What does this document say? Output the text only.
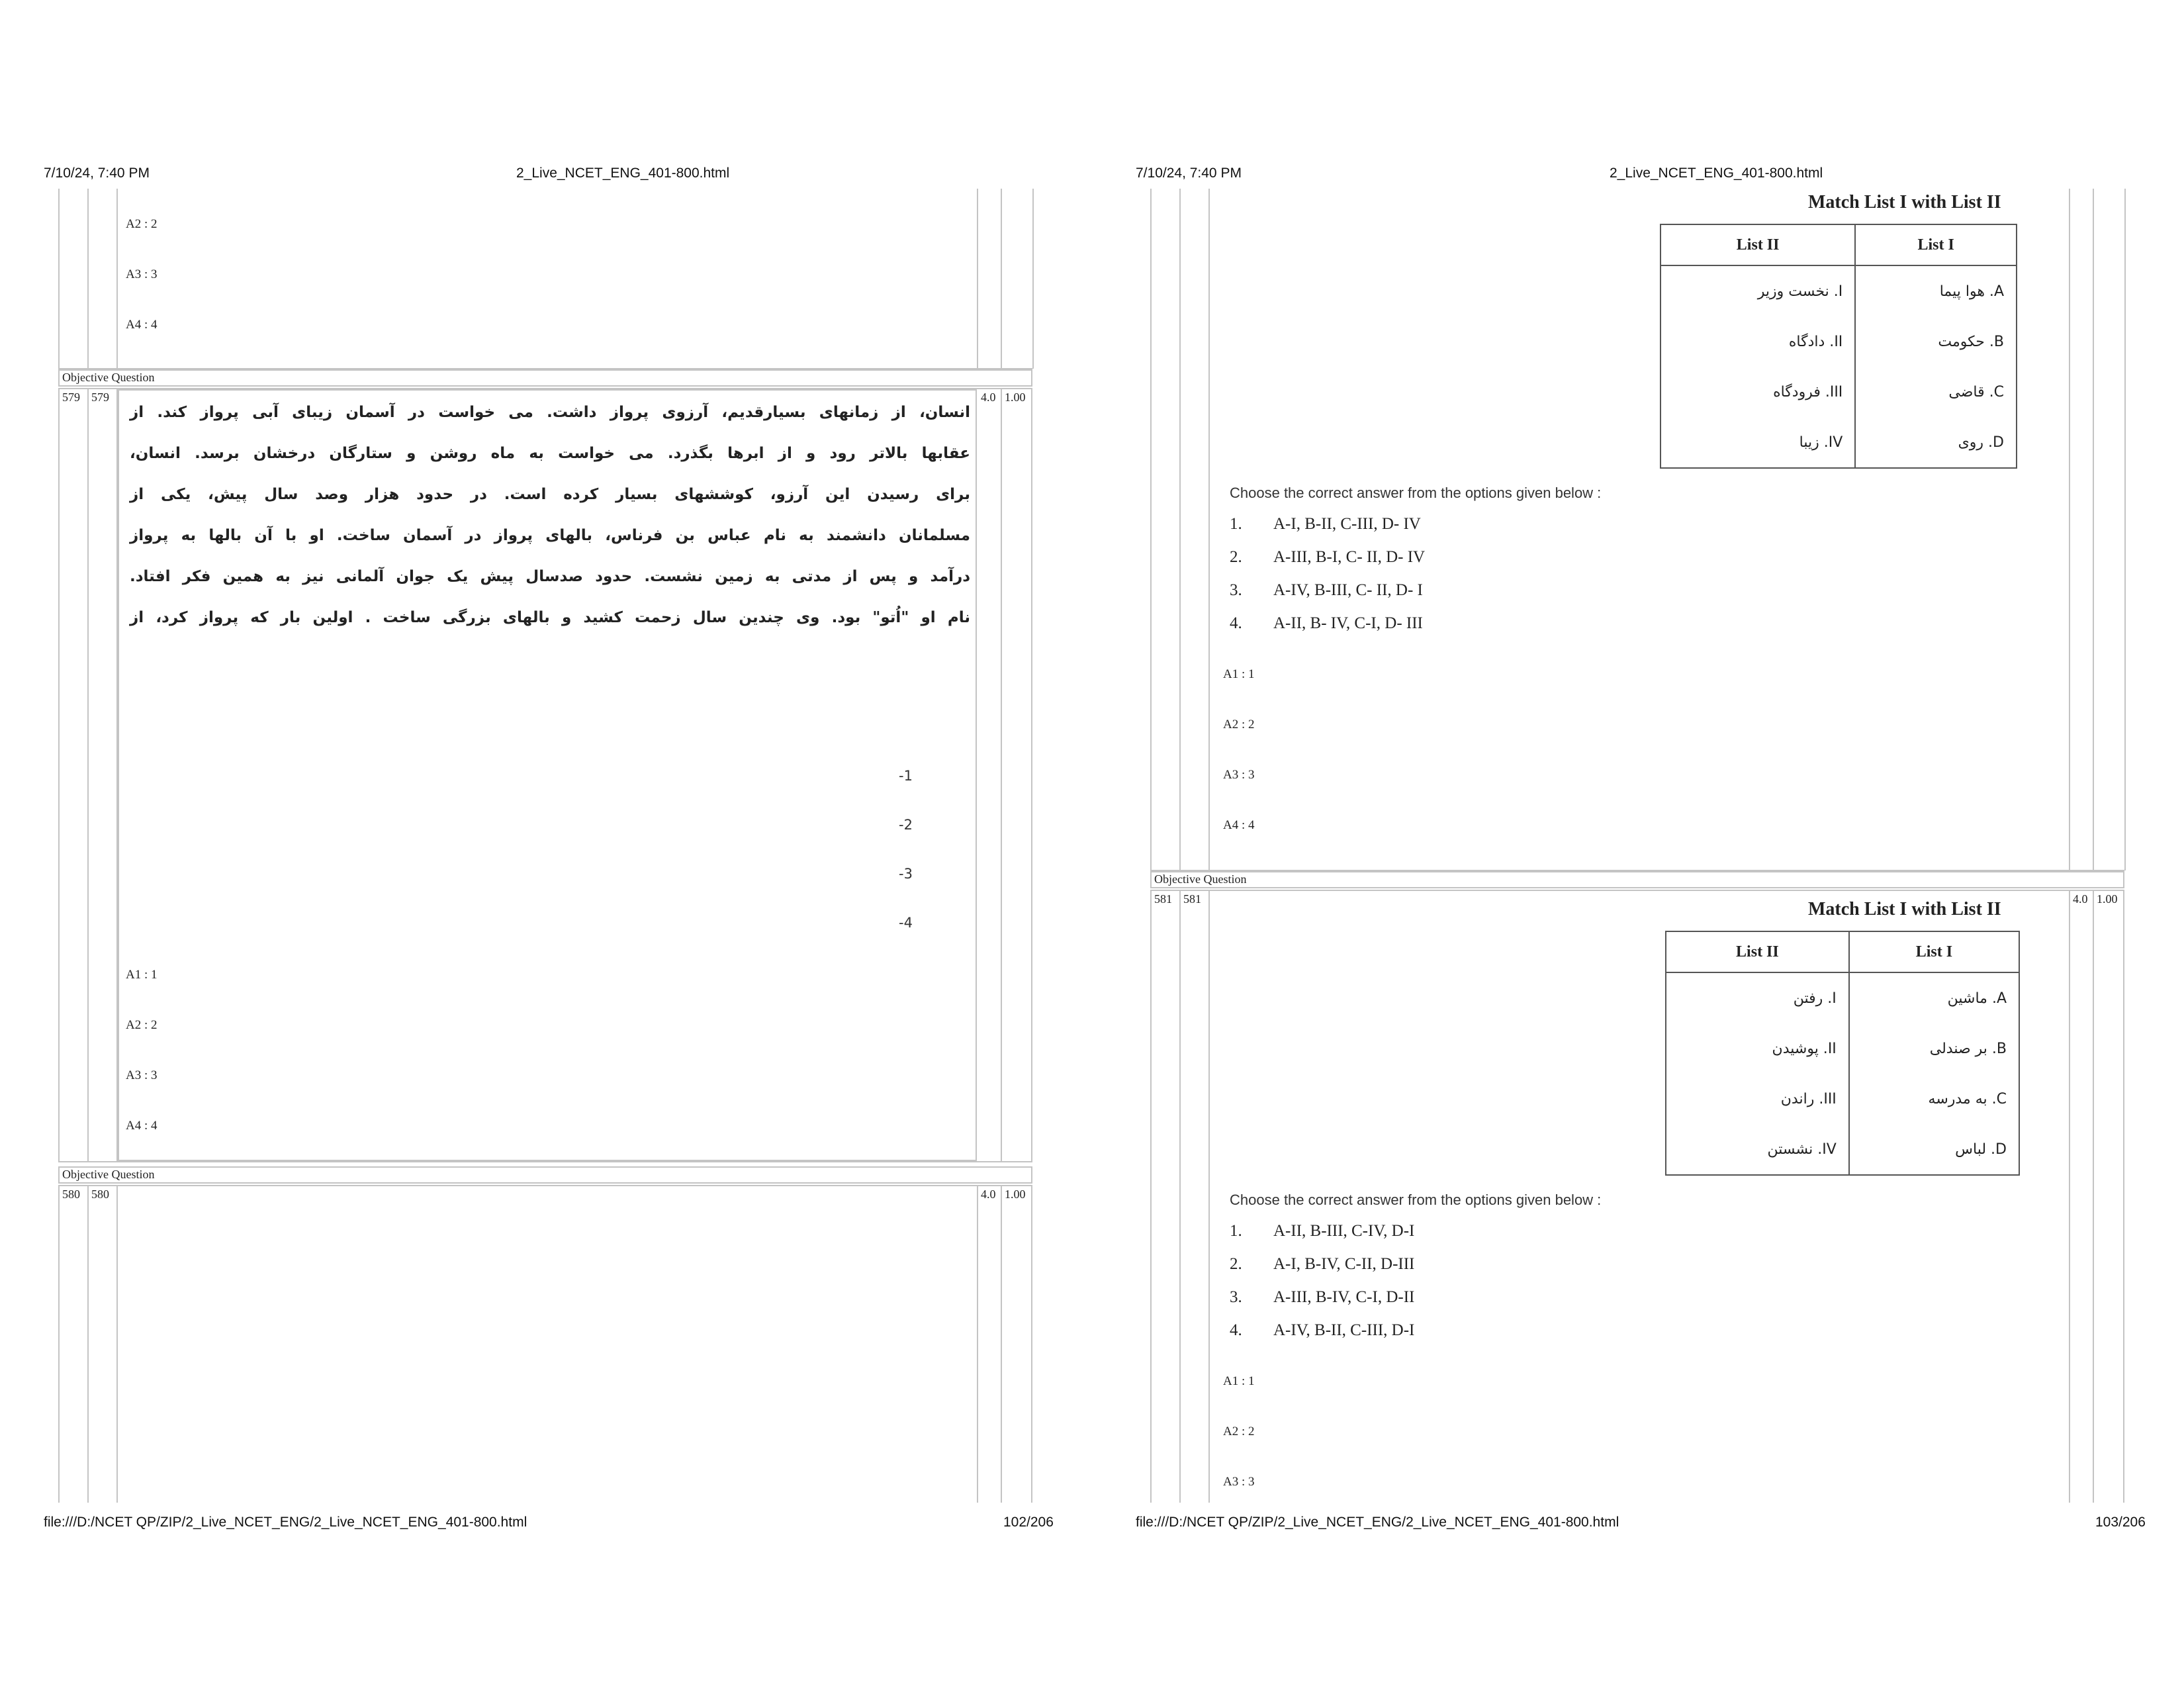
7/10/24, 7:40 PM	2_Live_NCET_ENG_401-800.html
A2 : 2
A3 : 3
A4 : 4
Objective Question
579 579	4.0 1.00
انسان، از زمانهای بسیارقدیم، آرزوی پرواز داشت. می خواست در آسمان زیبای آبی پرواز کند. از
عقابها بالاتر رود و از ابرها بگذرد. می خواست به ماه روشن و ستارگان درخشان برسد. انسان،
برای رسیدن این آرزو، کوششهای بسیار کرده است. در حدود هزار وصد سال پیش، یکی از
مسلمانان دانشمند به نام عباس بن فرناس، بالهای پرواز در آسمان ساخت. او با آن بالها به پرواز
درآمد و پس از مدتی به زمین نشست. حدود صدسال پیش یک جوان آلمانی نیز به همین فکر افتاد.
نام او "اُتو" بود. وی چندین سال زحمت کشید و بالهای بزرگی ساخت . اولین بار که پرواز کرد، از
-1
-2
-3
-4
A1 : 1
A2 : 2
A3 : 3
A4 : 4
Objective Question
580 580	4.0 1.00
file:///D:/NCET QP/ZIP/2_Live_NCET_ENG/2_Live_NCET_ENG_401-800.html	102/206
7/10/24, 7:40 PM	2_Live_NCET_ENG_401-800.html
Match List I with List II
List II	List I
I. نخست وزیر	A. هوا پیما
II. دادگاه	B. حکومت
III. فرودگاه	C. قاضی
IV. زیبا	D. روی
Choose the correct answer from the options given below :
1. A-I, B-II, C-III, D- IV
2. A-III, B-I, C- II, D- IV
3. A-IV, B-III, C- II, D- I
4. A-II, B- IV, C-I, D- III
A1 : 1
A2 : 2
A3 : 3
A4 : 4
Objective Question
581 581	4.0 1.00
Match List I with List II
List II	List I
I. رفتن	A. ماشین
II. پوشیدن	B. بر صندلی
III. راندن	C. به مدرسه
IV. نشستن	D. لباس
Choose the correct answer from the options given below :
1. A-II, B-III, C-IV, D-I
2. A-I, B-IV, C-II, D-III
3. A-III, B-IV, C-I, D-II
4. A-IV, B-II, C-III, D-I
A1 : 1
A2 : 2
A3 : 3
file:///D:/NCET QP/ZIP/2_Live_NCET_ENG/2_Live_NCET_ENG_401-800.html	103/206
